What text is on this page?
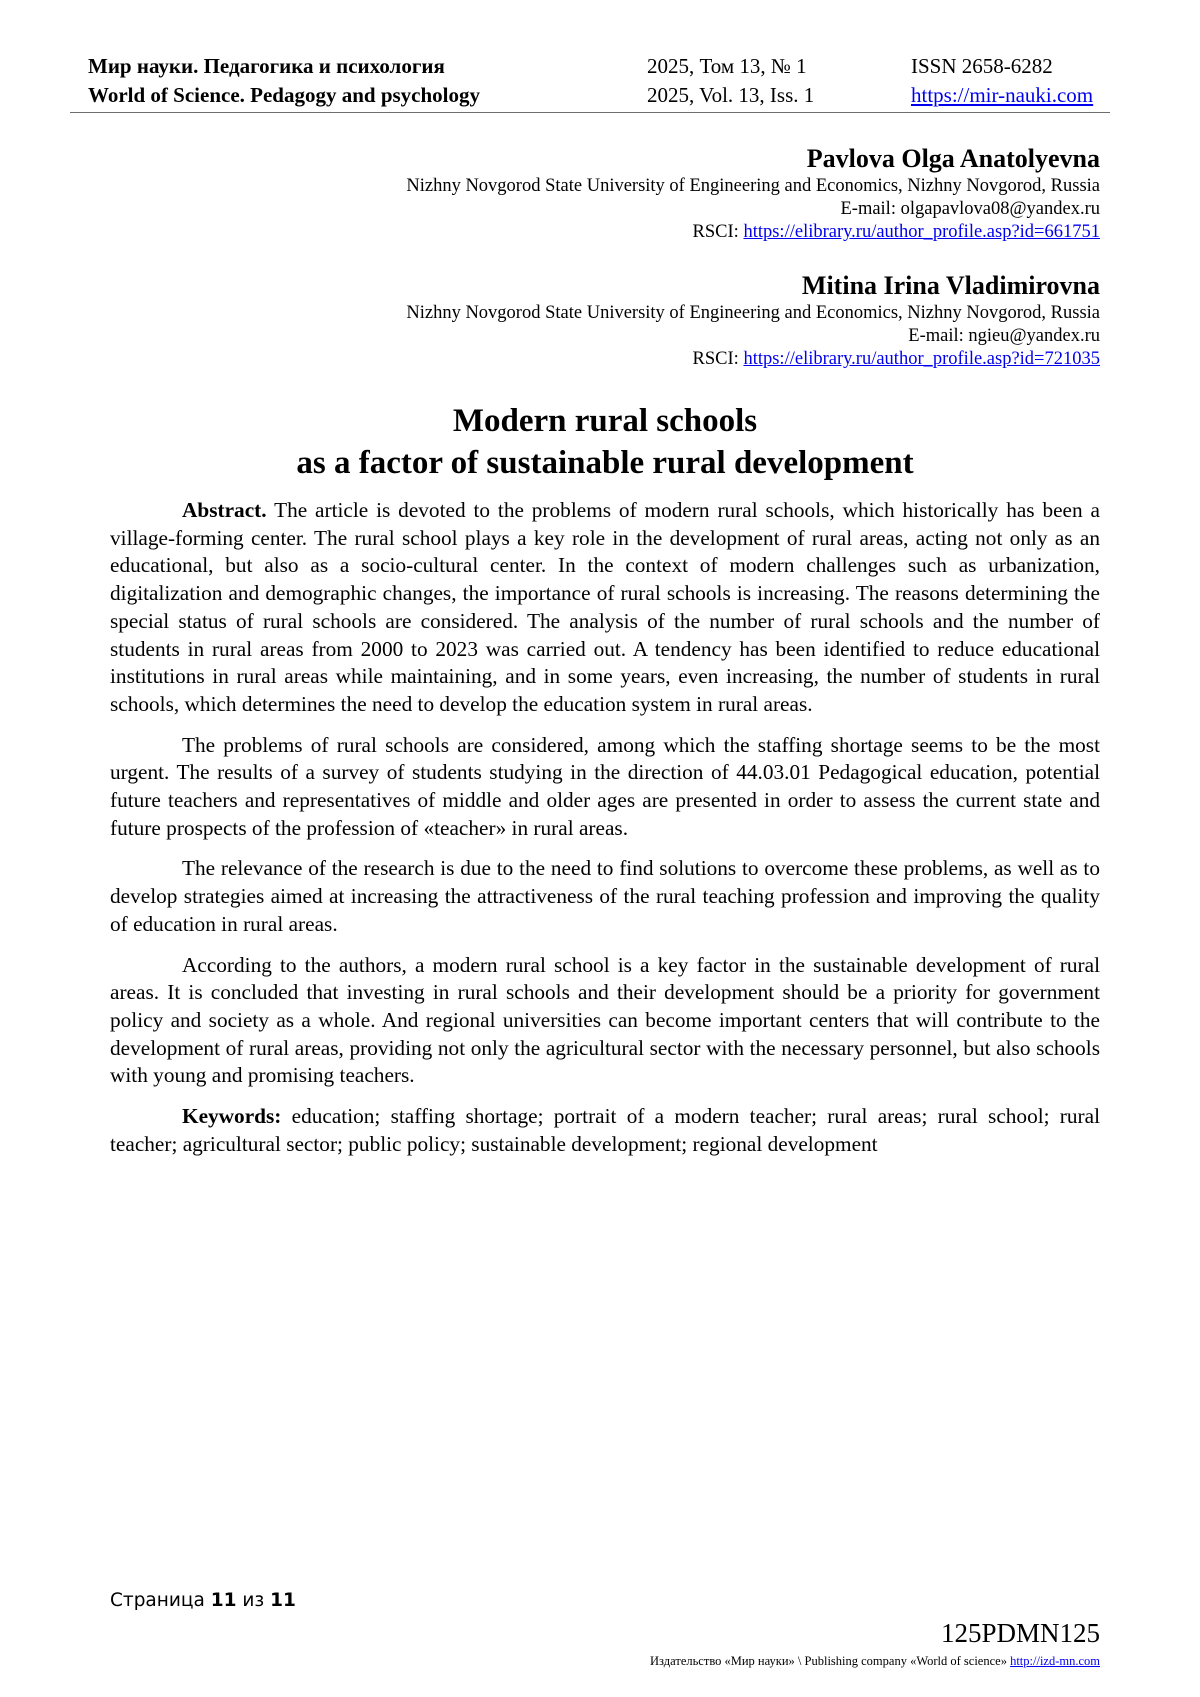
Мир науки. Педагогика и психология
World of Science. Pedagogy and psychology
2025, Том 13, № 1
2025, Vol. 13, Iss. 1
ISSN 2658-6282
https://mir-nauki.com
Pavlova Olga Anatolyevna
Nizhny Novgorod State University of Engineering and Economics, Nizhny Novgorod, Russia
E-mail: olgapavlova08@yandex.ru
RSCI: https://elibrary.ru/author_profile.asp?id=661751
Mitina Irina Vladimirovna
Nizhny Novgorod State University of Engineering and Economics, Nizhny Novgorod, Russia
E-mail: ngieu@yandex.ru
RSCI: https://elibrary.ru/author_profile.asp?id=721035
Modern rural schools
as a factor of sustainable rural development

Abstract. The article is devoted to the problems of modern rural schools, which historically has been a village-forming center. The rural school plays a key role in the development of rural areas, acting not only as an educational, but also as a socio-cultural center. In the context of modern challenges such as urbanization, digitalization and demographic changes, the importance of rural schools is increasing. The reasons determining the special status of rural schools are considered. The analysis of the number of rural schools and the number of students in rural areas from 2000 to 2023 was carried out. A tendency has been identified to reduce educational institutions in rural areas while maintaining, and in some years, even increasing, the number of students in rural schools, which determines the need to develop the education system in rural areas.

The problems of rural schools are considered, among which the staffing shortage seems to be the most urgent. The results of a survey of students studying in the direction of 44.03.01 Pedagogical education, potential future teachers and representatives of middle and older ages are presented in order to assess the current state and future prospects of the profession of «teacher» in rural areas.

The relevance of the research is due to the need to find solutions to overcome these problems, as well as to develop strategies aimed at increasing the attractiveness of the rural teaching profession and improving the quality of education in rural areas.

According to the authors, a modern rural school is a key factor in the sustainable development of rural areas. It is concluded that investing in rural schools and their development should be a priority for government policy and society as a whole. And regional universities can become important centers that will contribute to the development of rural areas, providing not only the agricultural sector with the necessary personnel, but also schools with young and promising teachers.

Keywords: education; staffing shortage; portrait of a modern teacher; rural areas; rural school; rural teacher; agricultural sector; public policy; sustainable development; regional development

Страница 11 из 11
125PDMN125
Издательство «Мир науки» \ Publishing company «World of science» http://izd-mn.com
